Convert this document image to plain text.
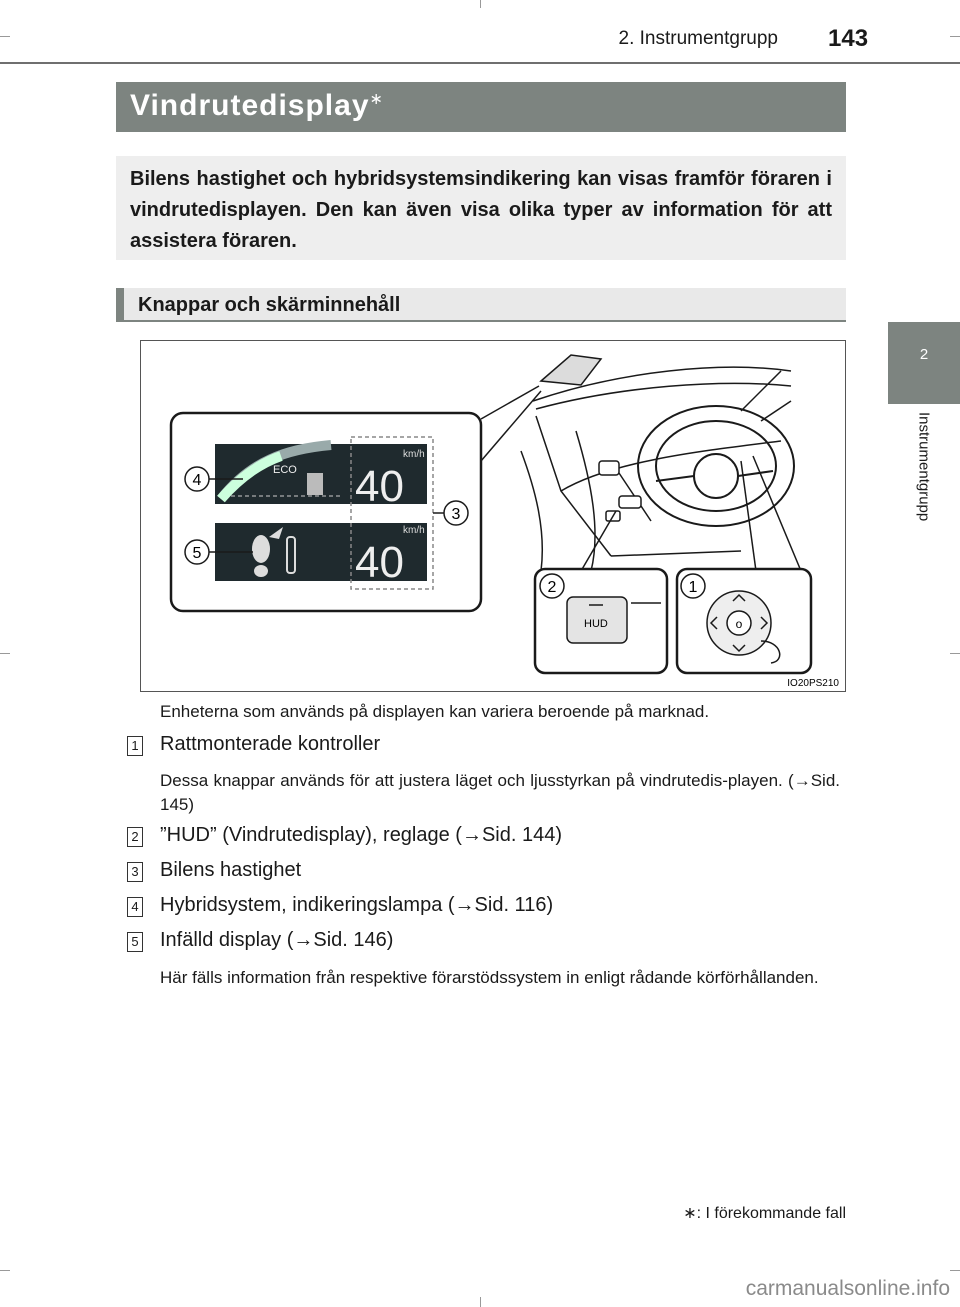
2. Instrumentgrupp 143
2
Instrumentgrupp
Vindrutedisplay∗
Bilens hastighet och hybridsystemsindikering kan visas framför föraren i vindrutedisplayen. Den kan även visa olika typer av information för att assistera föraren.
Knappar och skärminnehåll
ECO
km/h
40
km/h
40
4
5
3
HUD
2
o
1
IO20PS210
Enheterna som används på displayen kan variera beroende på marknad.
1 Rattmonterade kontroller
Dessa knappar används för att justera läget och ljusstyrkan på vindrutedis-playen. (→Sid. 145)
2 ”HUD” (Vindrutedisplay), reglage (→Sid. 144)
3 Bilens hastighet
4 Hybridsystem, indikeringslampa (→Sid. 116)
5 Infälld display (→Sid. 146)
Här fälls information från respektive förarstödssystem in enligt rådande körförhållanden.
∗: I förekommande fall
carmanualsonline.info
